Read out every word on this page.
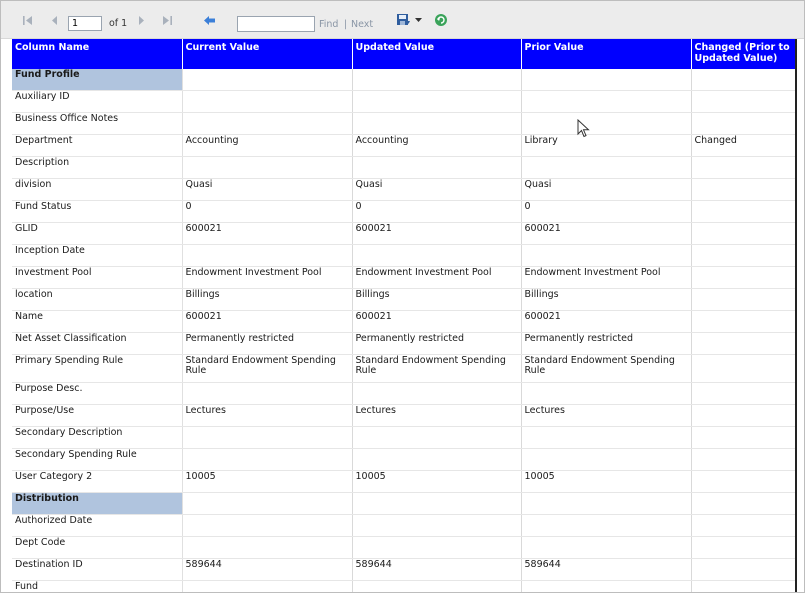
1
of 1	Find | Next
Column Name	Current Value	Updated Value	Prior Value	Changed (Prior to Updated Value)
Fund Profile				
Auxiliary ID				
Business Office Notes				
Department	Accounting	Accounting	Library	Changed
Description				
division	Quasi	Quasi	Quasi	
Fund Status	0	0	0	
GLID	600021	600021	600021	
Inception Date				
Investment Pool	Endowment Investment Pool	Endowment Investment Pool	Endowment Investment Pool	
location	Billings	Billings	Billings	
Name	600021	600021	600021	
Net Asset Classification	Permanently restricted	Permanently restricted	Permanently restricted	
Primary Spending Rule	Standard Endowment Spending Rule	Standard Endowment Spending Rule	Standard Endowment Spending Rule	
Purpose Desc.				
Purpose/Use	Lectures	Lectures	Lectures	
Secondary Description				
Secondary Spending Rule				
User Category 2	10005	10005	10005	
Distribution				
Authorized Date				
Dept Code				
Destination ID	589644	589644	589644	
Fund				
